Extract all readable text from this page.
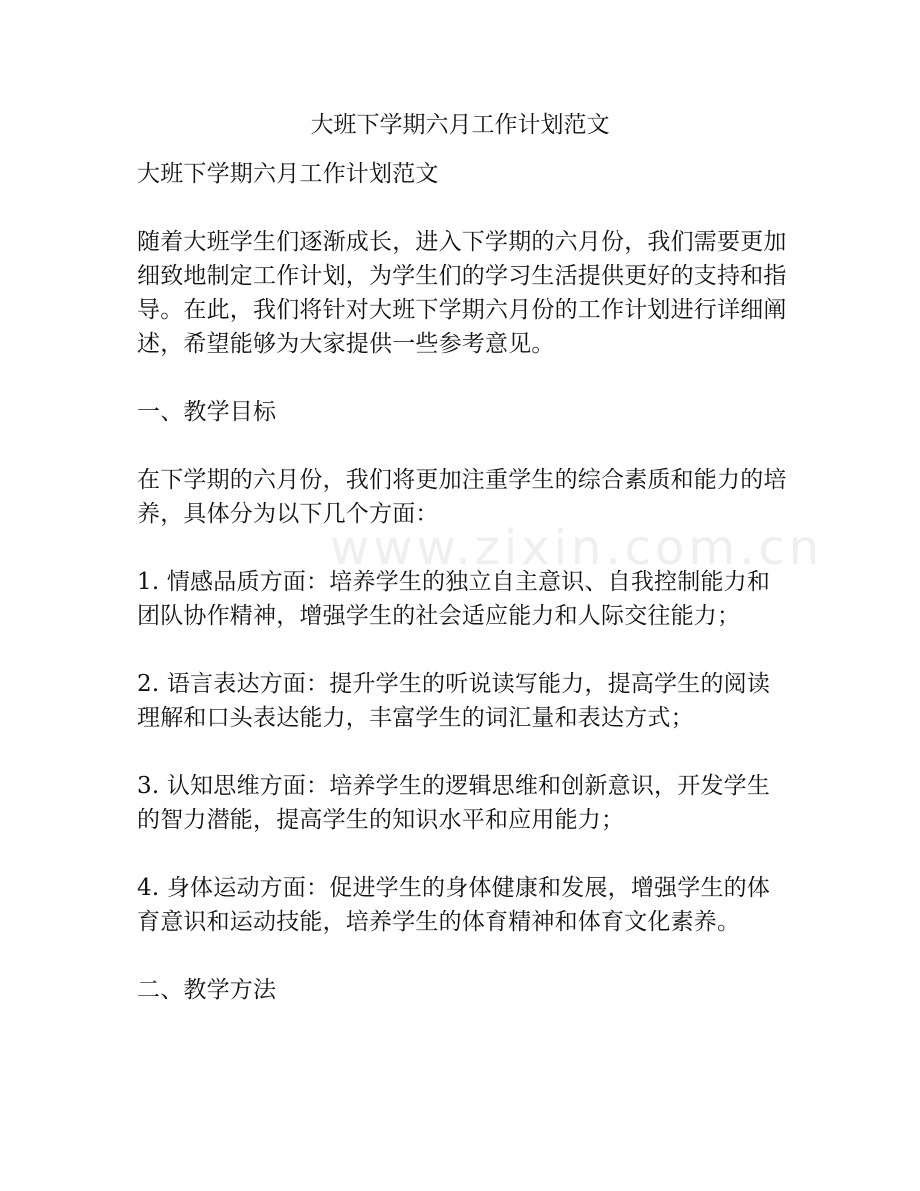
大班下学期六月工作计划范文

大班下学期六月工作计划范文

随着大班学生们逐渐成长，进入下学期的六月份，我们需要更加细致地制定工作计划，为学生们的学习生活提供更好的支持和指导。在此，我们将针对大班下学期六月份的工作计划进行详细阐述，希望能够为大家提供一些参考意见。

一、教学目标

在下学期的六月份，我们将更加注重学生的综合素质和能力的培养，具体分为以下几个方面：

1. 情感品质方面：培养学生的独立自主意识、自我控制能力和团队协作精神，增强学生的社会适应能力和人际交往能力；

2. 语言表达方面：提升学生的听说读写能力，提高学生的阅读理解和口头表达能力，丰富学生的词汇量和表达方式；

3. 认知思维方面：培养学生的逻辑思维和创新意识，开发学生的智力潜能，提高学生的知识水平和应用能力；

4. 身体运动方面：促进学生的身体健康和发展，增强学生的体育意识和运动技能，培养学生的体育精神和体育文化素养。

二、教学方法

www.zixin.com.cn
